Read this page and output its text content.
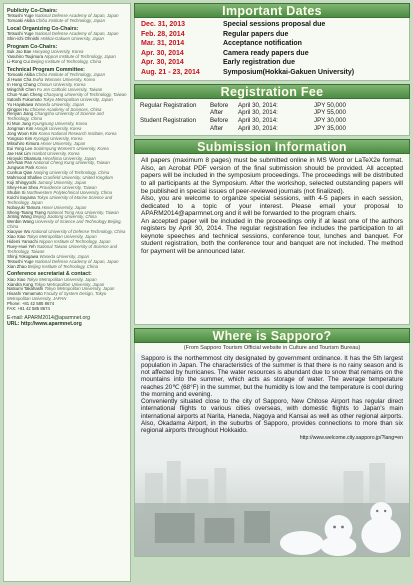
Publicity Co-Chairs:
Tetsushi Yuge National Defense Academy of Japan, Japan
Tomoaki Akiba Chiba Institute of Technology, Japan
Local Organizing Co-Chairs:
Tetsushi Yuge National Defense Academy of Japan, Japan
Shin-ichi Ohnishi Hokkai-Gakuen University, Japan
Program Co-Chairs:
Suk Joo Bae Hanyang University, Korea
Yasuhiro Tsujimura Nippon Institute of Technology, Japan
Li-Rong Cui Beijing Institute of Technology, China
Technical Program Committee:
Tomoaki Akiba Chiba Institute of Technology, Japan
Ji Hwan Cha Ewha Womans University, Korea
In Hong Chang Chosun University, Korea
Mingchih Chen Fu Jen Catholic University, Taiwan
Chun-Yuan Cheng Chaoyang University of Technology, Taiwan
Satoshi Fukumoto Tokyo Metropolitan University, Japan
Yu Hayakawa Waseda University, Japan
Qingpei Hu Chinese Academy of Sciences, China
Renyan Jiang Changsha University of Science and Technology, China
Ki Mun Jung Kyungsung University, Korea
Jongman Kim Hongik University, Korea
Jong Woon Kim Korea National Research Institute, Korea
Yongsoo Kim Kyonggi University, Korea
Mitsuhiro Kimura Hosei University, Japan
Eui Yong Lee Sookmyung Women's University, Korea
Jae Hak Lim Hanbat University, Korea
Hiroyuki Okamura Hiroshima University, Japan
Jeh-Nan Pan National Cheng Kung University, Taiwan
Jungwon Park Korea
Cunhua Qian Nanjing University of Technology, China
Mahmood Shafiee Cranfield University, United Kingdom
Koji Shingyochi Jumonji University, Japan
Shey-Huei Sheu Providence University, Taiwan
Shubin Si Northwestern Polytechnical University, China
Koichi Suyama Tokyo University of Marine Science and Technology, Japan
Nobuyuki Tamura Hosei University, Japan
Sheng-Tsaing Tseng National Tsing Hua University, Taiwan
Jinting Wang Beijing Jiaotong University, China
Wenbin Wang University of Science and Technology Beijing, China
Xiaoyue Wu National University of Defense Technology, China
Xiao Xiao Tokyo Metropolitan University, Japan
Hidemi Yamachi Nippon Institute of Technology, Japan
Ruey-Huei Yeh National Taiwan University of Science and Technology, Taiwan
Shinji Yokogawa Waseda University, Japan
Tetsushi Yuge National Defense Academy of Japan, Japan
Xian Zhao Beijing Institute of Technology, China
Conference secretariat & contact:
Xiao Xiao Tokyo Metropolitan University, Japan
Xiandra Kong Tokyo Metropolitan University, Japan
Natsumi Takahashi Tokyo Metropolitan University, Japan
Hisashi Yamamoto Faculty of System Design, Tokyo Metropolitan University, JAPAN
Phone: +81 42 585 8674
FAX: +81 42 585 8674
E-mail: APARM2014@aparmnet.org
URL: http://www.aparmnet.org
Important Dates
Dec. 31, 2013	Special sessions proposal due
Feb. 28, 2014	Regular papers due
Mar. 31, 2014	Acceptance notification
Apr. 30, 2014	Camera ready papers due
Apr. 30, 2014	Early registration due
Aug. 21 - 23, 2014	Symposium(Hokkai-Gakuen University)
Registration Fee
Regular Registration	Before	April 30, 2014:	JPY 50,000
After	April 30, 2014:	JPY 55,000
Student Registration	Before	April 30, 2014:	JPY 30,000
After	April 30, 2014:	JPY 35,000
Submission Information

All papers (maximum 8 pages) must be submitted online in MS Word or LaTeX2e format. Also, an Acrobat PDF version of the final submission should be provided. All accepted papers will be included in the symposium proceedings. The proceedings will be distributed to all participants at the Symposium. After the workshop, selected outstanding papers will be published in special issues of peer-reviewed journals (not finalized).

Also, you are welcome to organize special sessions, with 4-5 papers in each session, dedicated to a topic of your interest. Please email your proposal to APARM2014@aparmnet.org and it will be forwarded to the program chairs.

An accepted paper will be included in the proceedings only if at least one of the authors registers by April 30, 2014. The regular registration fee includes the participation to all keynote speeches and technical sessions, conference tour, lunches and banquet. For student registration, both the conference tour and banquet are not included. The method for payment will be announced later.

Where is Sapporo?
(From Sapporo Tourism Official website in Culture and Tourism Bureau)
Sapporo is the northernmost city designated by government ordinance. It has the 5th largest population in Japan. The characteristics of the summer is that there is no rainy season and is not affected by hurricanes. The water resources is abundant due to snow that remains on the mountains into the summer, which acts as storage of water. The average temperature reaches 20℃ (68°F) in the summer, but the humidity is low and the temperature is cool during the morning and evening.
Conveniently situated close to the city of Sapporo, New Chitose Airport has regular direct international flights to various cities overseas, with domestic flights to Japan's main international airports at Narita, Haneda, Nagoya and Kansai as well as other regional airports. Also, Okadama Airport, in the suburbs of Sapporo, provides connections to more than six regional airports throughout Hokkaido.
http://www.welcome.city.sapporo.jp/?lang=en
